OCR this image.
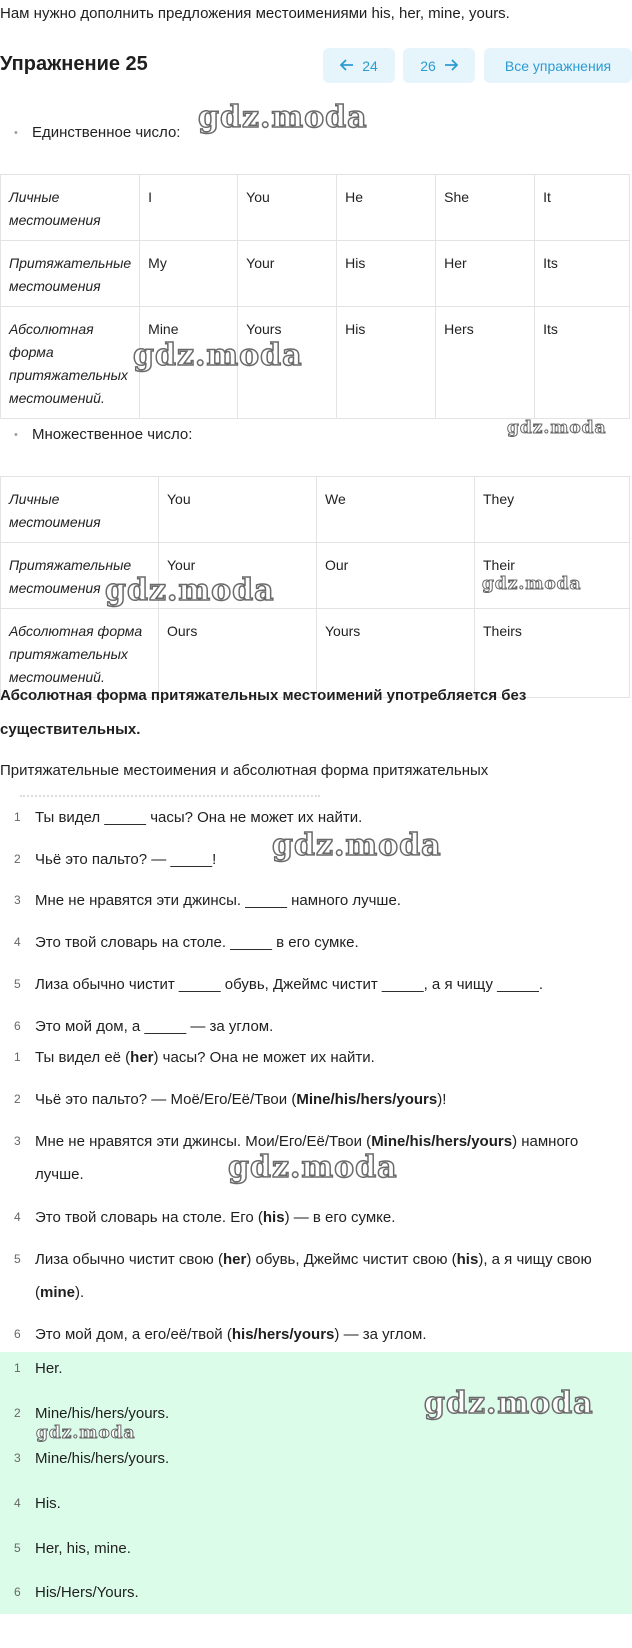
Нам нужно дополнить предложения местоимениями his, her, mine, yours.
Упражнение 25	24	26	Все упражнения
• Единственное число:
Личные местоимения	I	You	He	She	It
Притяжательные местоимения	My	Your	His	Her	Its
Абсолютная форма притяжательных местоимений.	Mine	Yours	His	Hers	Its
• Множественное число:
Личные местоимения	You	We	They
Притяжательные местоимения	Your	Our	Their
Абсолютная форма притяжательных местоимений.	Ours	Yours	Theirs
Абсолютная форма притяжательных местоимений употребляется без существительных.
Притяжательные местоимения и абсолютная форма притяжательных
1 Ты видел _____ часы? Она не может их найти.
2 Чьё это пальто? — _____!
3 Мне не нравятся эти джинсы. _____ намного лучше.
4 Это твой словарь на столе. _____ в его сумке.
5 Лиза обычно чистит _____ обувь, Джеймс чистит _____, а я чищу _____.
6 Это мой дом, а _____ — за углом.
1 Ты видел её (her) часы? Она не может их найти.
2 Чьё это пальто? — Моё/Его/Её/Твои (Mine/his/hers/yours)!
3 Мне не нравятся эти джинсы. Мои/Его/Её/Твои (Mine/his/hers/yours) намного лучше.
4 Это твой словарь на столе. Его (his) — в его сумке.
5 Лиза обычно чистит свою (her) обувь, Джеймс чистит свою (his), а я чищу свою (mine).
6 Это мой дом, а его/её/твой (his/hers/yours) — за углом.
1 Her.
2 Mine/his/hers/yours.
3 Mine/his/hers/yours.
4 His.
5 Her, his, mine.
6 His/Hers/Yours.
gdz.moda
gdz.moda
gdz.moda
gdz.moda	gdz.moda
gdz.moda
gdz.moda
gdz.moda
gdz.moda
